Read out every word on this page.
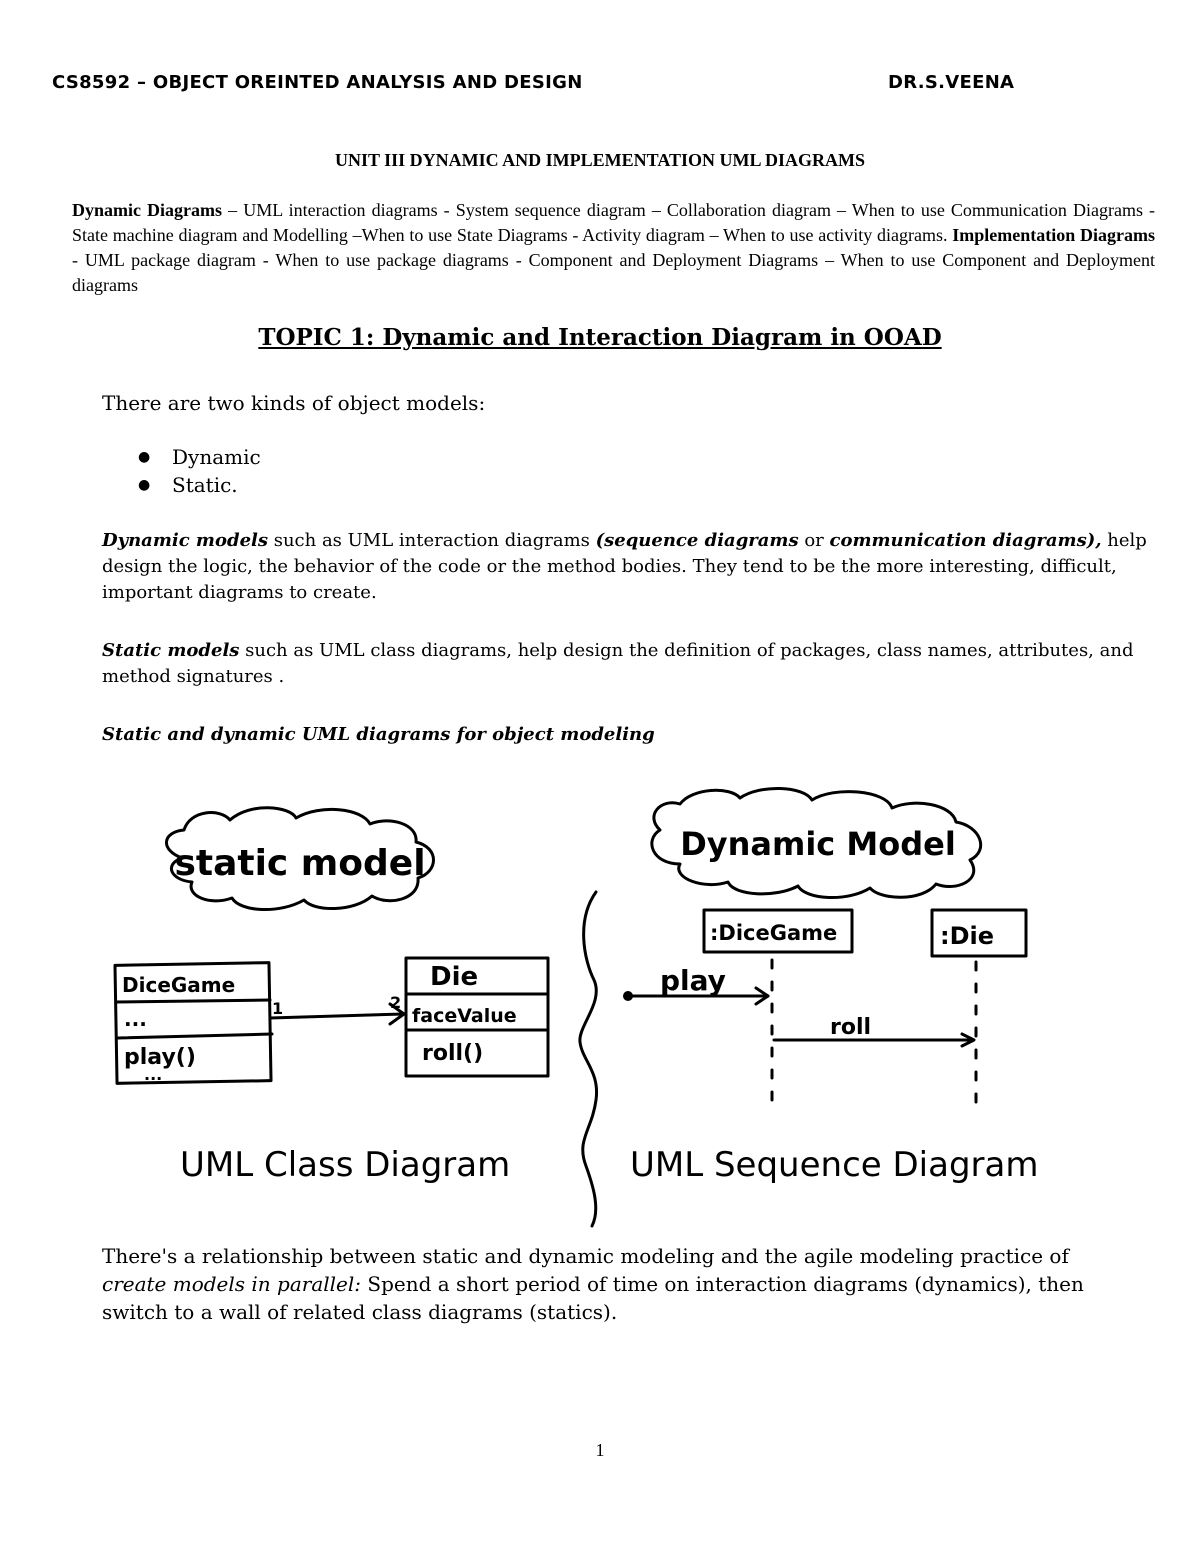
CS8592 – OBJECT OREINTED ANALYSIS AND DESIGN	DR.S.VEENA
UNIT III DYNAMIC AND IMPLEMENTATION UML DIAGRAMS
Dynamic Diagrams – UML interaction diagrams - System sequence diagram – Collaboration diagram – When to use Communication Diagrams - State machine diagram and Modelling –When to use State Diagrams - Activity diagram – When to use activity diagrams. Implementation Diagrams - UML package diagram - When to use package diagrams - Component and Deployment Diagrams – When to use Component and Deployment diagrams
TOPIC 1: Dynamic and Interaction Diagram in OOAD
There are two kinds of object models:
● Dynamic
● Static.
Dynamic models such as UML interaction diagrams (sequence diagrams or communication diagrams), help design the logic, the behavior of the code or the method bodies. They tend to be the more interesting, difficult, important diagrams to create.
Static models such as UML class diagrams, help design the definition of packages, class names, attributes, and method signatures .
Static and dynamic UML diagrams for object modeling
static model	Dynamic Model
DiceGame
...
play()
...
Die
faceValue
roll()
1	2
:DiceGame	:Die
play
roll
UML Class Diagram	UML Sequence Diagram
There's a relationship between static and dynamic modeling and the agile modeling practice of create models in parallel: Spend a short period of time on interaction diagrams (dynamics), then switch to a wall of related class diagrams (statics).
1
